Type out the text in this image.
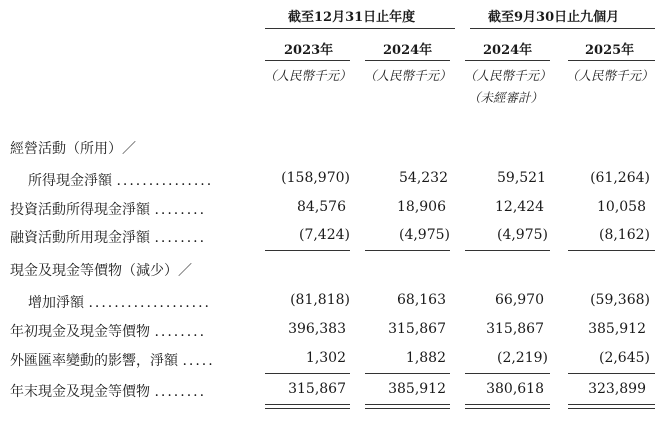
截至12月31日止年度	截至9月30日止九個月
2023年	2024年	2024年	2025年
（人民幣千元） （人民幣千元） （人民幣千元） （人民幣千元）
（未經審計）
經營活動（所用）／
所得現金淨額 ...............	(158,970)	54,232	59,521	(61,264)
投資活動所得現金淨額 ........	84,576	18,906	12,424	10,058
融資活動所用現金淨額 ........	(7,424)	(4,975)	(4,975)	(8,162)
現金及現金等價物（減少）／
增加淨額 ...................	(81,818)	68,163	66,970	(59,368)
年初現金及現金等價物 ........	396,383	315,867	315,867	385,912
外匯匯率變動的影響，淨額 .....	1,302	1,882	(2,219)	(2,645)
年末現金及現金等價物 ........	315,867	385,912	380,618	323,899
